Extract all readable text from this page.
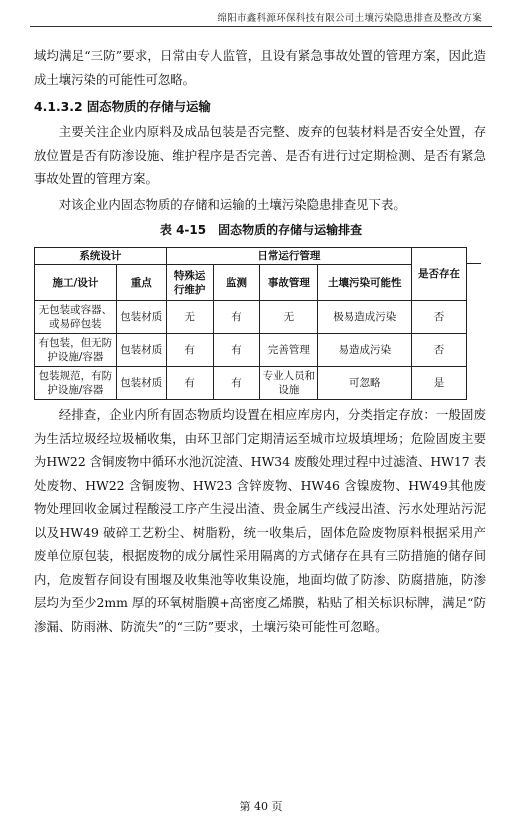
绵阳市鑫科源环保科技有限公司土壤污染隐患排查及整改方案

域均满足“三防”要求，日常由专人监管，且设有紧急事故处置的管理方案，因此造成土壤污染的可能性可忽略。

4.1.3.2 固态物质的存储与运输

主要关注企业内原料及成品包装是否完整、废弃的包装材料是否安全处置，存放位置是否有防渗设施、维护程序是否完善、是否有进行过定期检测、是否有紧急事故处置的管理方案。

对该企业内固态物质的存储和运输的土壤污染隐患排查见下表。

表 4-15　固态物质的存储与运输排查
系统设计		日常运行管理				是否存在
施工/设计	重点	特殊运行维护	监测	事故管理	土壤污染可能性	
无包装或容器、或易碎包装	包装材质	无	有	无	极易造成污染	否
有包装，但无防护设施/容器	包装材质	有	有	完善管理	易造成污染	否
包装规范，有防护设施/容器	包装材质	有	有	专业人员和设施	可忽略	是

经排查，企业内所有固态物质均设置在相应库房内，分类指定存放：一般固废为生活垃圾经垃圾桶收集，由环卫部门定期清运至城市垃圾填埋场；危险固废主要为HW22 含铜废物中循环水池沉淀渣、HW34 废酸处理过程中过滤渣、HW17 表处废物、HW22 含铜废物、HW23 含锌废物、HW46 含镍废物、HW49其他废物处理回收金属过程酸浸工序产生浸出渣、贵金属生产线浸出渣、污水处理站污泥以及HW49 破碎工艺粉尘、树脂粉，统一收集后，固体危险废物原料根据采用产废单位原包装，根据废物的成分属性采用隔离的方式储存在具有三防措施的储存间内，危废暂存间设有围堰及收集池等收集设施，地面均做了防渗、防腐措施，防渗层均为至少2mm 厚的环氧树脂膜+高密度乙烯膜，粘贴了相关标识标牌，满足“防渗漏、防雨淋、防流失”的“三防”要求，土壤污染可能性可忽略。

第 40 页
